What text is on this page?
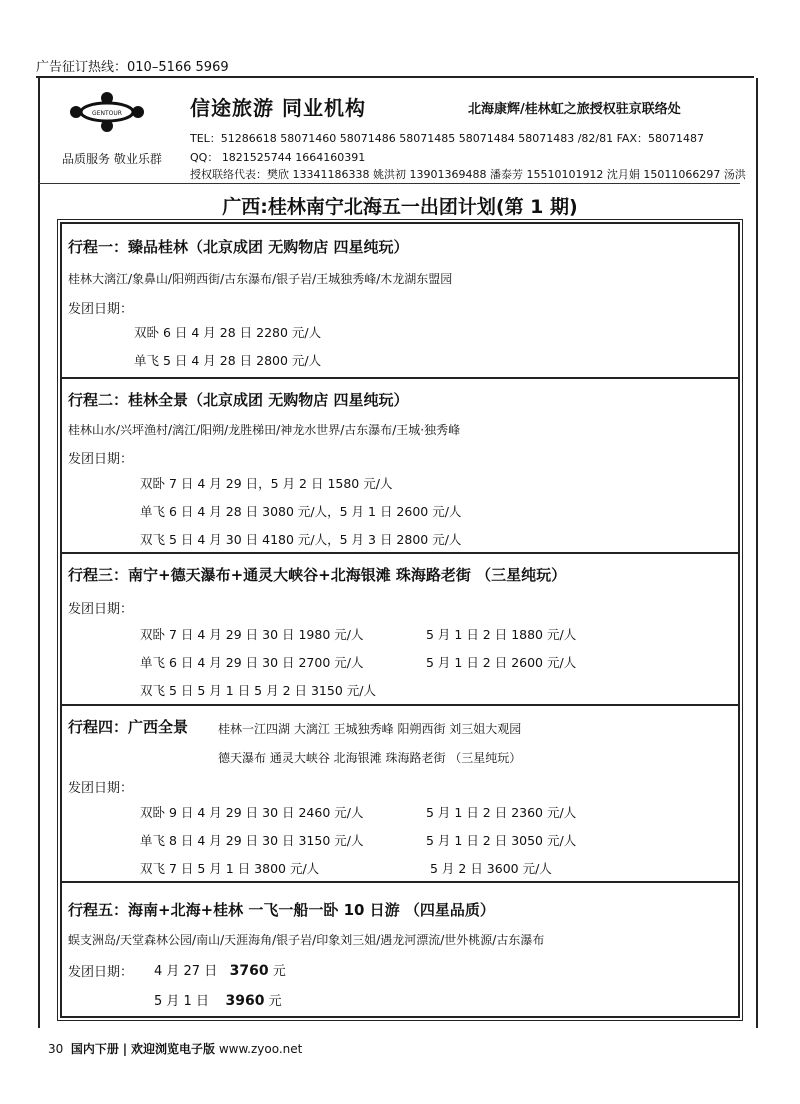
广告征订热线：010–5166 5969
GENTOUR
品质服务 敬业乐群
信途旅游 同业机构	北海康辉/桂林虹之旅授权驻京联络处
TEL：51286618 58071460 58071486 58071485 58071484 58071483 /82/81 FAX：58071487
QQ： 1821525744 1664160391
授权联络代表：樊欣 13341186338 姚洪初 13901369488 潘泰芳 15510101912 沈月娟 15011066297 汤洪
广西:桂林南宁北海五一出团计划(第 1 期)
行程一：臻品桂林（北京成团 无购物店 四星纯玩）
桂林大漓江/象鼻山/阳朔西街/古东瀑布/银子岩/王城独秀峰/木龙湖东盟园
发团日期：
双卧 6 日 4 月 28 日 2280 元/人
单飞 5 日 4 月 28 日 2800 元/人
行程二：桂林全景（北京成团 无购物店 四星纯玩）
桂林山水/兴坪渔村/漓江/阳朔/龙胜梯田/神龙水世界/古东瀑布/王城·独秀峰
发团日期：
双卧 7 日 4 月 29 日，5 月 2 日 1580 元/人
单飞 6 日 4 月 28 日 3080 元/人，5 月 1 日 2600 元/人
双飞 5 日 4 月 30 日 4180 元/人，5 月 3 日 2800 元/人
行程三：南宁+德天瀑布+通灵大峡谷+北海银滩 珠海路老街 （三星纯玩）
发团日期：
双卧 7 日 4 月 29 日 30 日 1980 元/人	5 月 1 日 2 日 1880 元/人
单飞 6 日 4 月 29 日 30 日 2700 元/人	5 月 1 日 2 日 2600 元/人
双飞 5 日 5 月 1 日 5 月 2 日 3150 元/人
行程四：广西全景 桂林一江四湖 大漓江 王城独秀峰 阳朔西街 刘三姐大观园
德天瀑布 通灵大峡谷 北海银滩 珠海路老街 （三星纯玩）
发团日期：
双卧 9 日 4 月 29 日 30 日 2460 元/人	5 月 1 日 2 日 2360 元/人
单飞 8 日 4 月 29 日 30 日 3150 元/人	5 月 1 日 2 日 3050 元/人
双飞 7 日 5 月 1 日 3800 元/人	5 月 2 日 3600 元/人
行程五：海南+北海+桂林 一飞一船一卧 10 日游 （四星品质）
蜈支洲岛/天堂森林公园/南山/天涯海角/银子岩/印象刘三姐/遇龙河漂流/世外桃源/古东瀑布
发团日期： 4 月 27 日 3760 元
5 月 1 日 3960 元
30 国内下册 | 欢迎浏览电子版 www.zyoo.net
